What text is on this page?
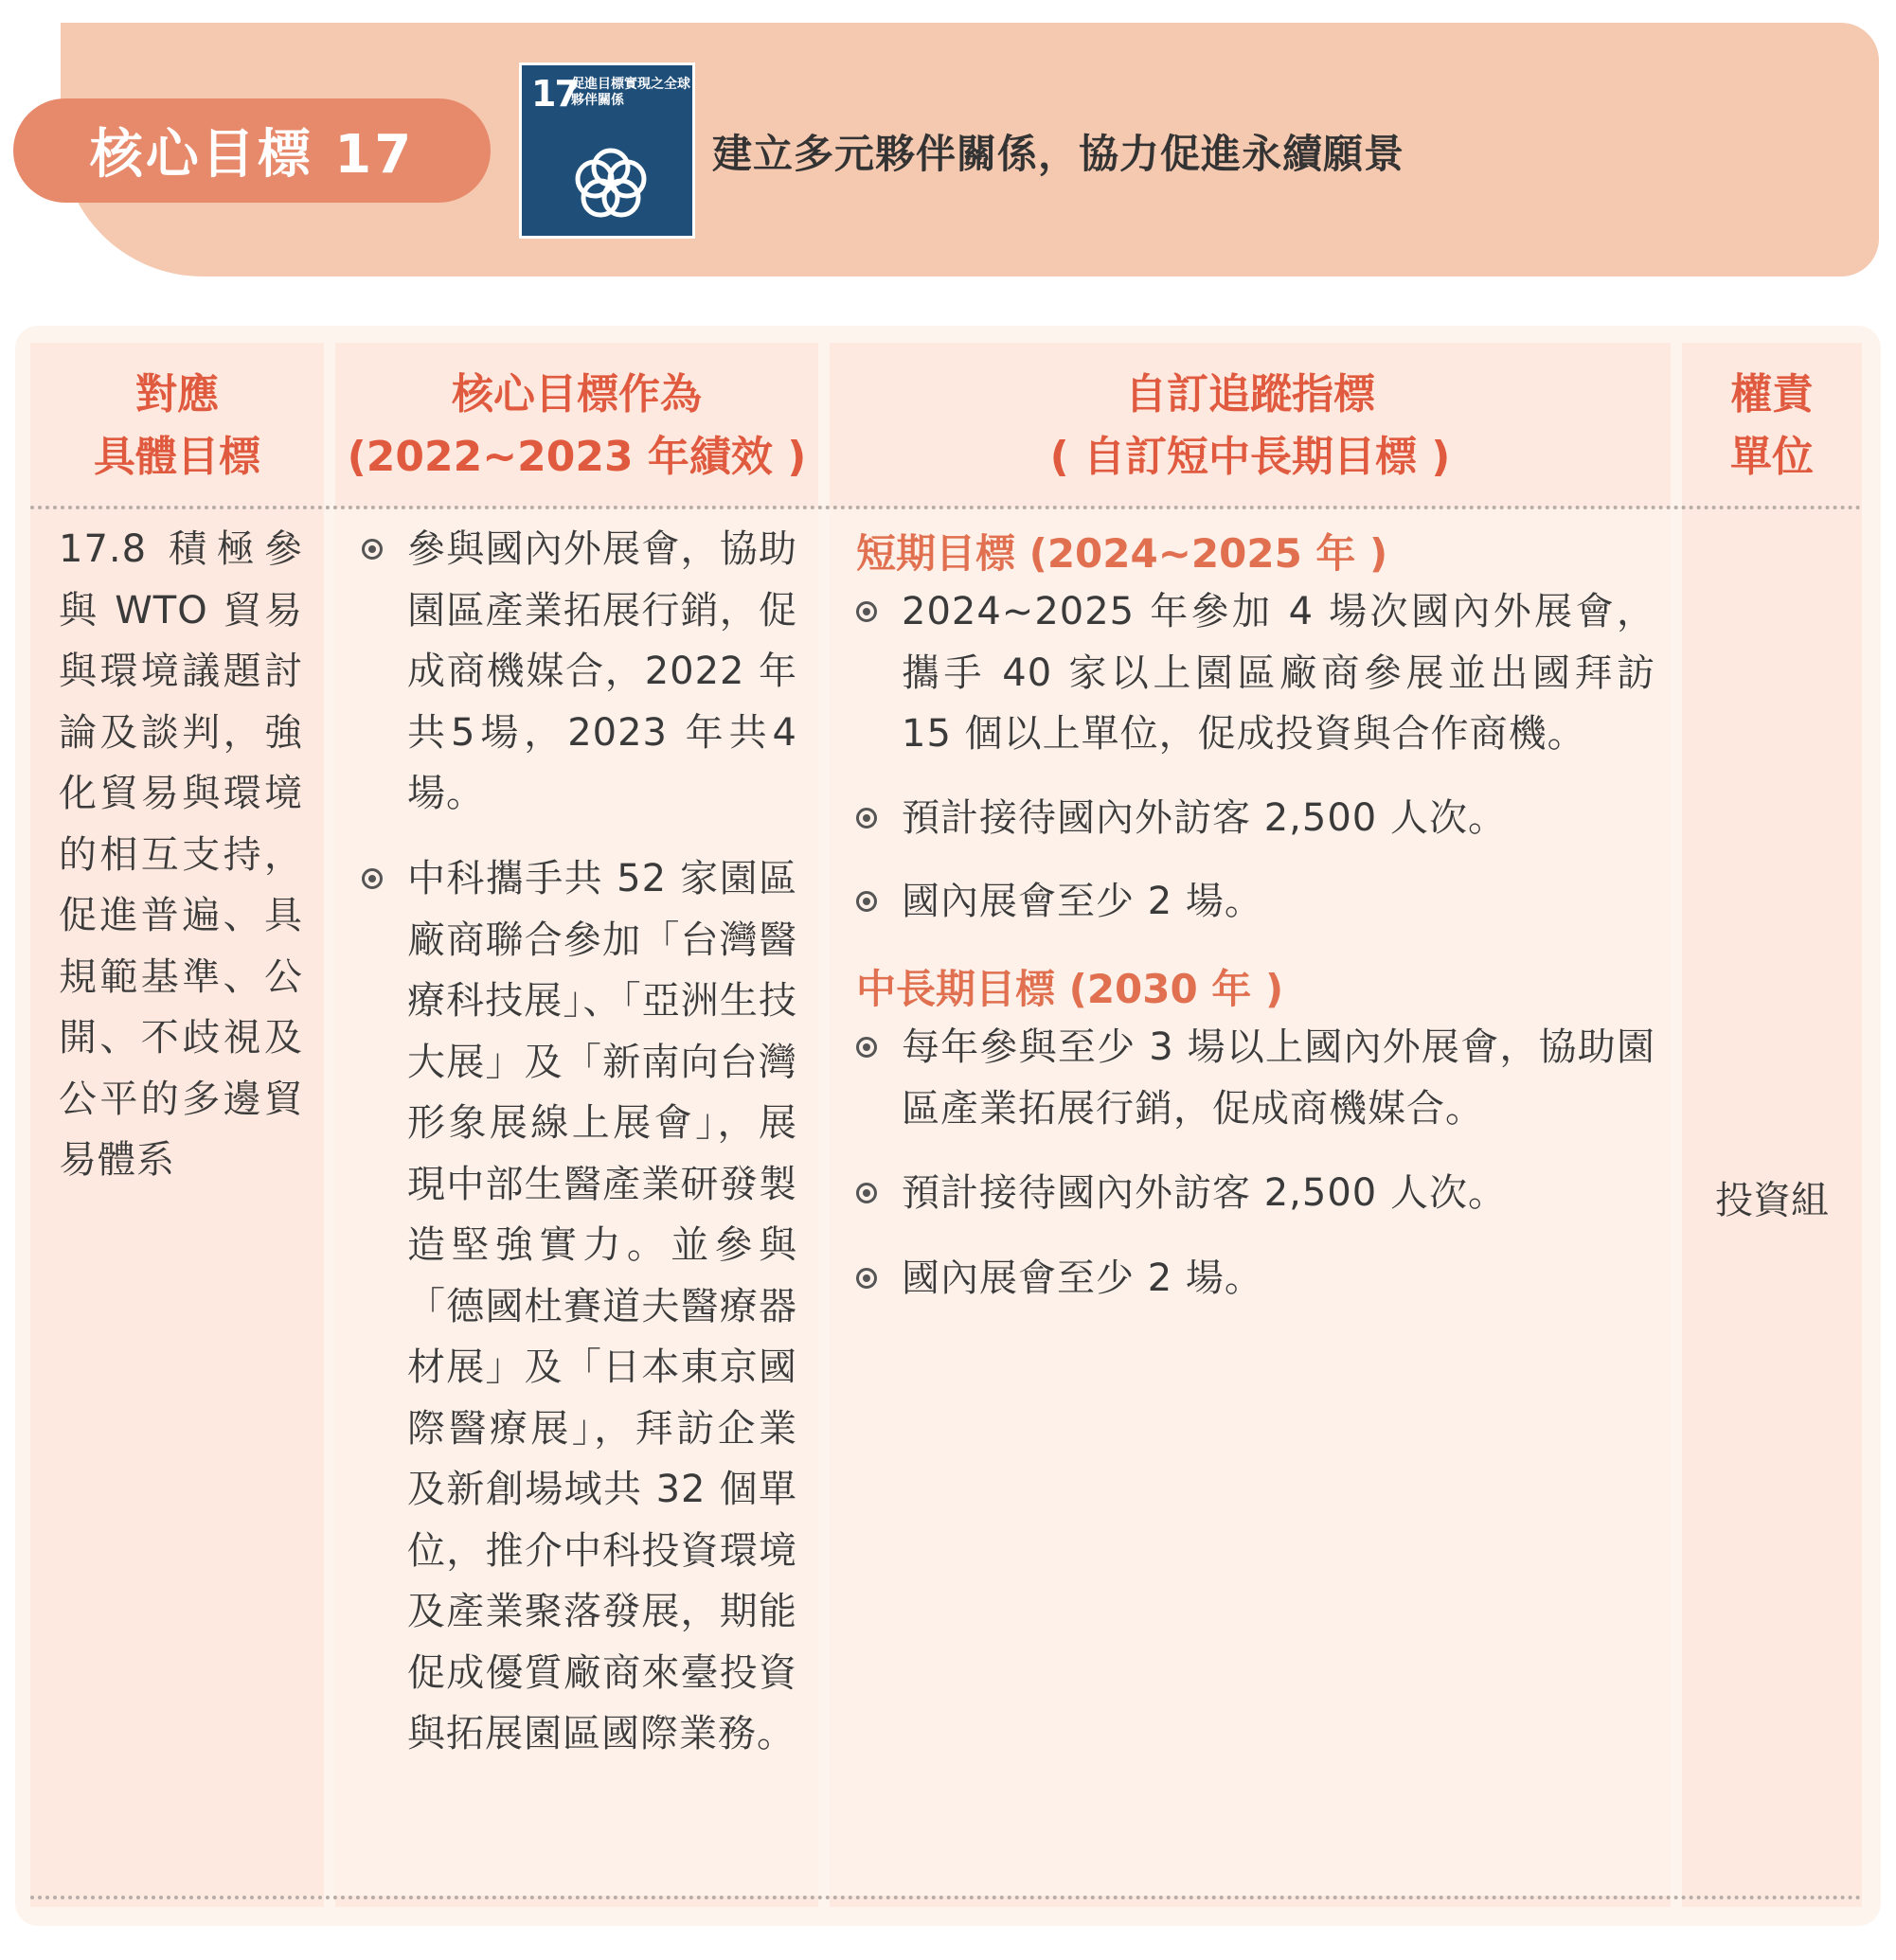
核心目標 17
17
促進目標實現之全球夥伴關係
建立多元夥伴關係，協力促進永續願景
對應
具體目標
核心目標作為
(2022~2023 年績效 )
自訂追蹤指標
( 自訂短中長期目標 )
權責
單位
17.8 積極參與 WTO 貿易與環境議題討論及談判，強化貿易與環境的相互支持，促進普遍、具規範基準、公開、不歧視及公平的多邊貿易體系
參與國內外展會，協助園區產業拓展行銷，促成商機媒合，2022 年共5場，2023 年共4場。
中科攜手共 52 家園區廠商聯合參加「台灣醫療科技展」、「亞洲生技大展」及「新南向台灣形象展線上展會」，展現中部生醫產業研發製造堅強實力。並參與「德國杜賽道夫醫療器材展」及「日本東京國際醫療展」，拜訪企業及新創場域共 32 個單位，推介中科投資環境及產業聚落發展，期能促成優質廠商來臺投資與拓展園區國際業務。
短期目標 (2024~2025 年 )
2024~2025 年參加 4 場次國內外展會，攜手 40 家以上園區廠商參展並出國拜訪 15 個以上單位，促成投資與合作商機。
預計接待國內外訪客 2,500 人次。
國內展會至少 2 場。
中長期目標 (2030 年 )
每年參與至少 3 場以上國內外展會，協助園區產業拓展行銷，促成商機媒合。
預計接待國內外訪客 2,500 人次。
國內展會至少 2 場。
投資組
